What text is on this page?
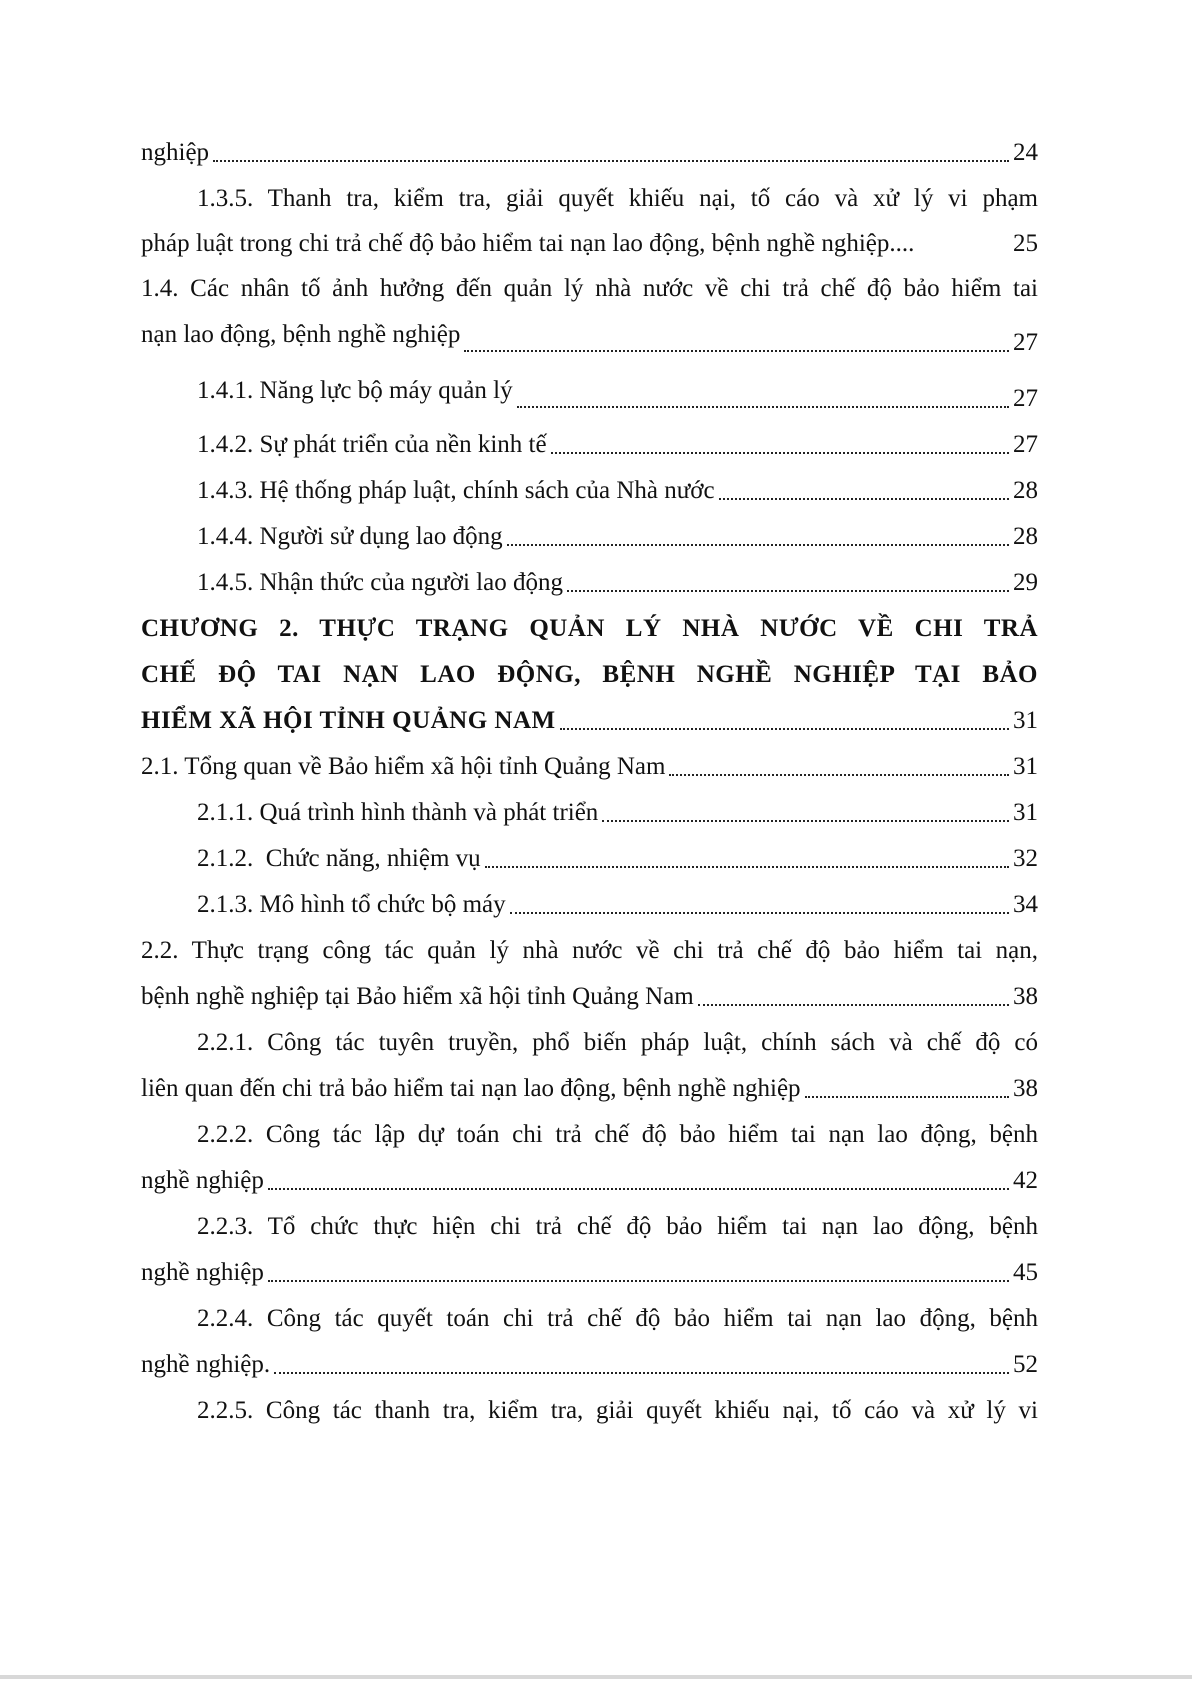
nghiệp	24
1.3.5. Thanh tra, kiểm tra, giải quyết khiếu nại, tố cáo và xử lý vi phạm
pháp luật trong chi trả chế độ bảo hiểm tai nạn lao động, bệnh nghề nghiệp....	25
1.4. Các nhân tố ảnh hưởng đến quản lý nhà nước về chi trả chế độ bảo hiểm tai
nạn lao động, bệnh nghề nghiệp	27
1.4.1. Năng lực bộ máy quản lý	27
1.4.2. Sự phát triển của nền kinh tế	27
1.4.3. Hệ thống pháp luật, chính sách của Nhà nước	28
1.4.4. Người sử dụng lao động	28
1.4.5. Nhận thức của người lao động	29
CHƯƠNG 2. THỰC TRẠNG QUẢN LÝ NHÀ NƯỚC VỀ CHI TRẢ
CHẾ ĐỘ TAI NẠN LAO ĐỘNG, BỆNH NGHỀ NGHIỆP TẠI BẢO
HIỂM XÃ HỘI TỈNH QUẢNG NAM	31
2.1. Tổng quan về Bảo hiểm xã hội tỉnh Quảng Nam	31
2.1.1. Quá trình hình thành và phát triển	31
2.1.2.  Chức năng, nhiệm vụ	32
2.1.3. Mô hình tổ chức bộ máy	34
2.2. Thực trạng công tác quản lý nhà nước về chi trả chế độ bảo hiểm tai nạn,
bệnh nghề nghiệp tại Bảo hiểm xã hội tỉnh Quảng Nam	38
2.2.1. Công tác tuyên truyền, phổ biến pháp luật, chính sách và chế độ có
liên quan đến chi trả bảo hiểm tai nạn lao động, bệnh nghề nghiệp	38
2.2.2. Công tác lập dự toán chi trả chế độ bảo hiểm tai nạn lao động, bệnh
nghề nghiệp	42
2.2.3. Tổ chức thực hiện chi trả chế độ bảo hiểm tai nạn lao động, bệnh
nghề nghiệp	45
2.2.4. Công tác quyết toán chi trả chế độ bảo hiểm tai nạn lao động, bệnh
nghề nghiệp.	52
2.2.5. Công tác thanh tra, kiểm tra, giải quyết khiếu nại, tố cáo và xử lý vi
